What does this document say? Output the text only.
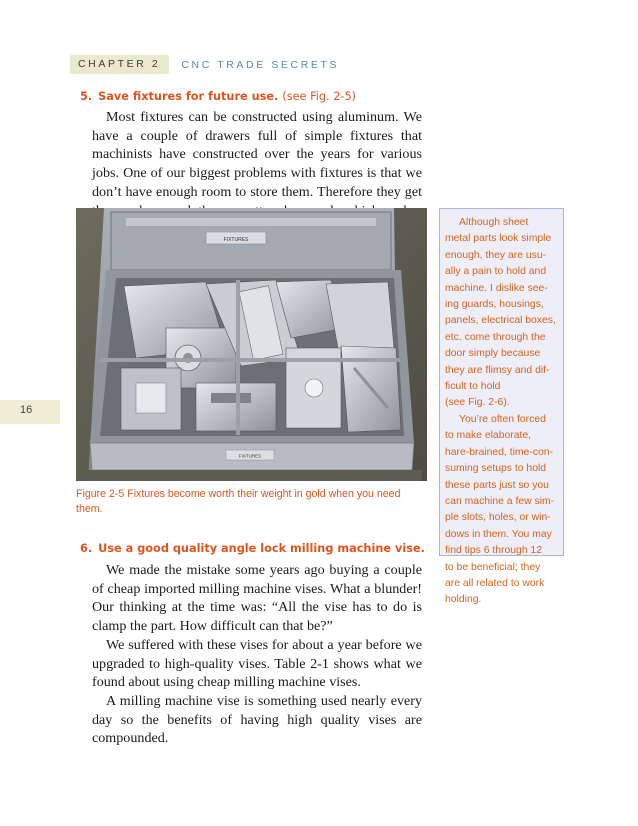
CHAPTER 2	CNC TRADE SECRETS
5. Save fixtures for future use. (see Fig. 2-5)

Most fixtures can be constructed using aluminum. We have a couple of drawers full of simple fixtures that machinists have constructed over the years for various jobs. One of our biggest problems with fixtures is that we don’t have enough room to store them. Therefore they get

16
FIXTURES
FIXTURES
Figure 2-5 Fixtures become worth their weight in gold when you need them.

Although sheet
metal parts look simple
enough, they are usu-
ally a pain to hold and
machine. I dislike see-
ing guards, housings,
panels, electrical boxes,
etc. come through the
door simply because
they are flimsy and dif-
ficult to hold
(see Fig. 2-6).

You’re often forced
to make elaborate,
hare-brained, time-con-
suming setups to hold
these parts just so you
can machine a few sim-
ple slots, holes, or win-
dows in them. You may
find tips 6 through 12
to be beneficial; they
are all related to work
holding.

6. Use a good quality angle lock milling machine vise.

We made the mistake some years ago buying a couple of cheap imported milling machine vises. What a blunder! Our thinking at the time was: “All the vise has to do is clamp the part. How difficult can that be?”

We suffered with these vises for about a year before we upgraded to high-quality vises. Table 2-1 shows what we found about using cheap milling machine vises.

A milling machine vise is something used nearly every day so the benefits of having high quality vises are compounded.
